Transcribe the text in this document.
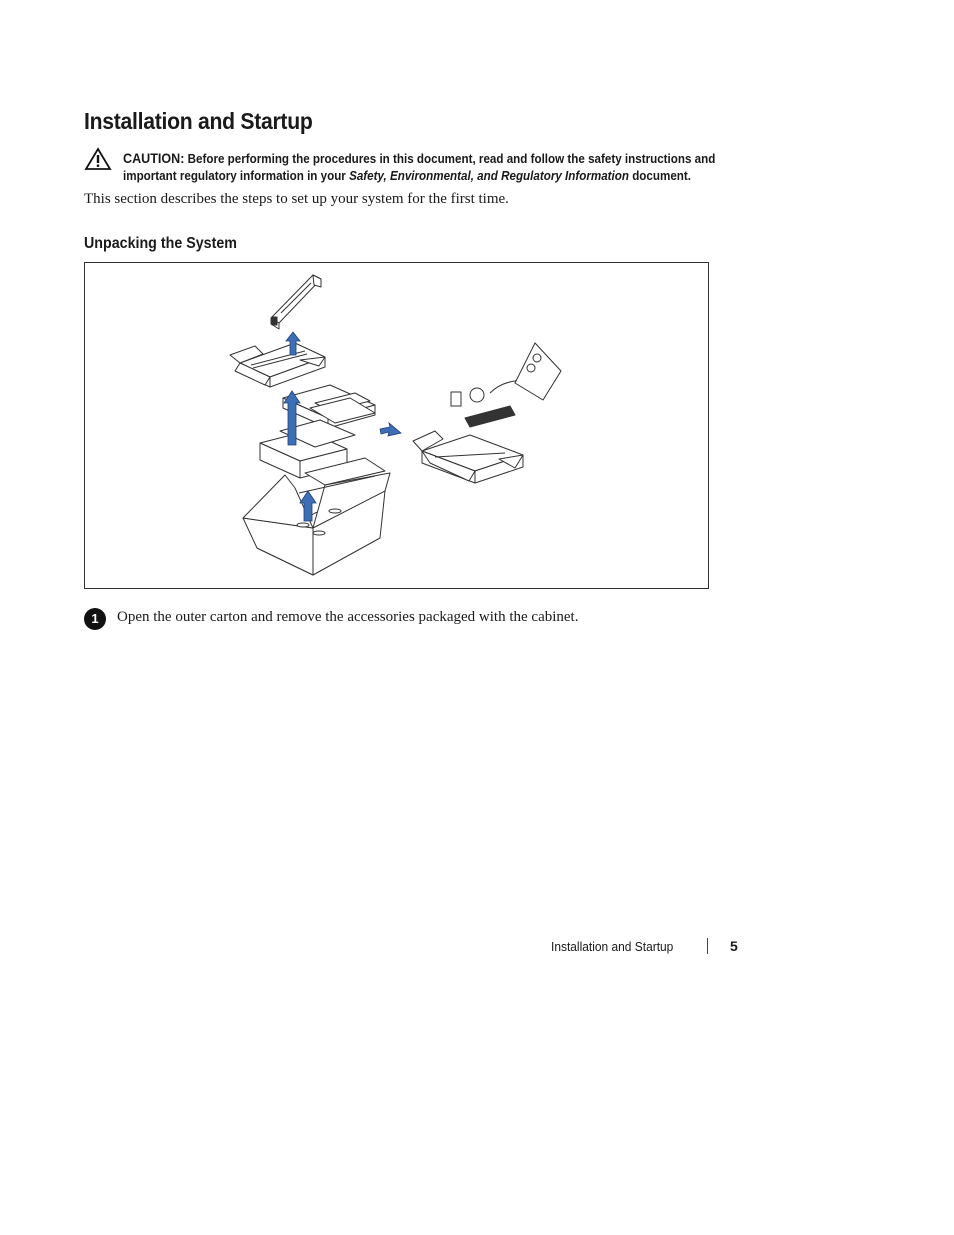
Installation and Startup
CAUTION: Before performing the procedures in this document, read and follow the safety instructions and important regulatory information in your Safety, Environmental, and Regulatory Information document.
This section describes the steps to set up your system for the first time.
Unpacking the System
1	Open the outer carton and remove the accessories packaged with the cabinet.
Installation and Startup	5
